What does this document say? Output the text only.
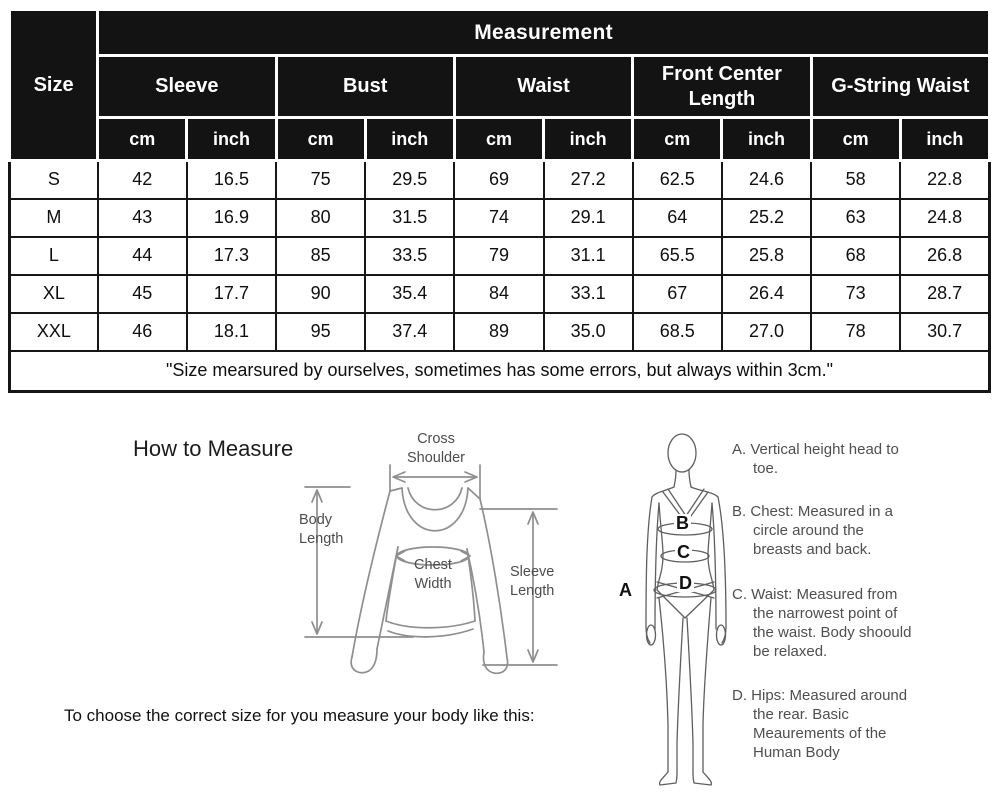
Size	Measurement									
	Sleeve		Bust		Waist		Front Center Length		G-String Waist	
	cm	inch	cm	inch	cm	inch	cm	inch	cm	inch
S	42	16.5	75	29.5	69	27.2	62.5	24.6	58	22.8
M	43	16.9	80	31.5	74	29.1	64	25.2	63	24.8
L	44	17.3	85	33.5	79	31.1	65.5	25.8	68	26.8
XL	45	17.7	90	35.4	84	33.1	67	26.4	73	28.7
XXL	46	18.1	95	37.4	89	35.0	68.5	27.0	78	30.7
"Size mearsured by ourselves, sometimes has some errors, but always within 3cm."										
How to Measure	Cross Shoulder
Body Length
Chest Width
Sleeve Length	A
B
C
D
A. Vertical height head to toe.
B. Chest: Measured in a circle around the breasts and back.
C. Waist: Measured from the narrowest point of the waist. Body shoould be relaxed.
D. Hips: Measured around the rear. Basic Meaurements of the Human Body
To choose the correct size for you measure your body like this:
